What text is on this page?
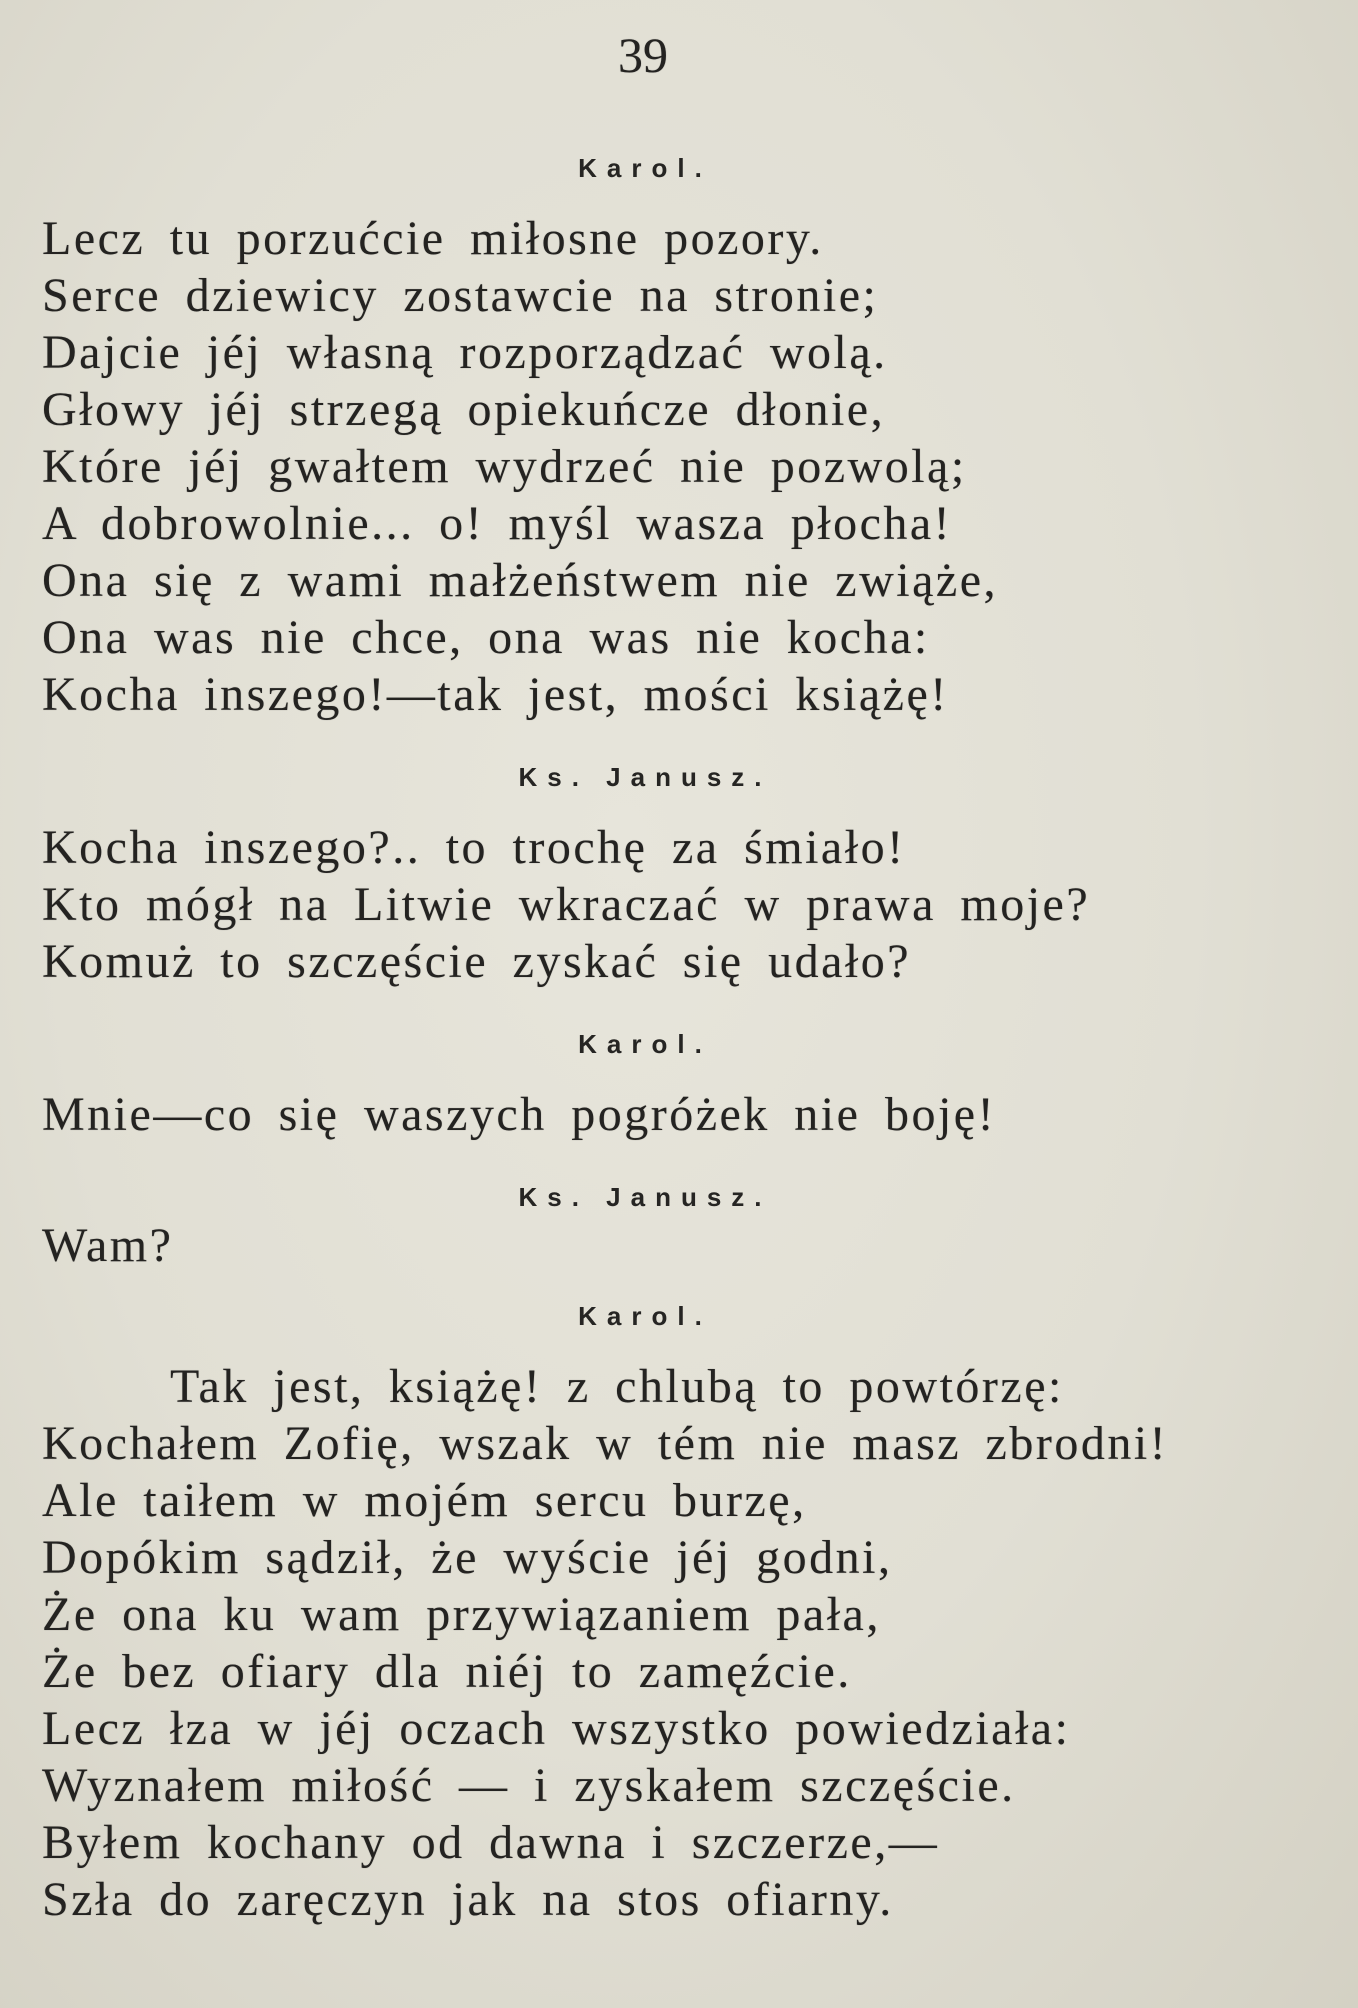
39
Karol.
Lecz tu porzućcie miłosne pozory.
Serce dziewicy zostawcie na stronie;
Dajcie jéj własną rozporządzać wolą.
Głowy jéj strzegą opiekuńcze dłonie,
Które jéj gwałtem wydrzeć nie pozwolą;
A dobrowolnie... o! myśl wasza płocha!
Ona się z wami małżeństwem nie zwiąże,
Ona was nie chce, ona was nie kocha:
Kocha inszego!—tak jest, mości książę!
Ks. Janusz.
Kocha inszego?.. to trochę za śmiało!
Kto mógł na Litwie wkraczać w prawa moje?
Komuż to szczęście zyskać się udało?
Karol.
Mnie—co się waszych pogróżek nie boję!
Ks. Janusz.
Wam?
Karol.
Tak jest, książę! z chlubą to powtórzę:
Kochałem Zofię, wszak w tém nie masz zbrodni!
Ale taiłem w mojém sercu burzę,
Dopókim sądził, że wyście jéj godni,
Że ona ku wam przywiązaniem pała,
Że bez ofiary dla niéj to zamęźcie.
Lecz łza w jéj oczach wszystko powiedziała:
Wyznałem miłość — i zyskałem szczęście.
Byłem kochany od dawna i szczerze,—
Szła do zaręczyn jak na stos ofiarny.
